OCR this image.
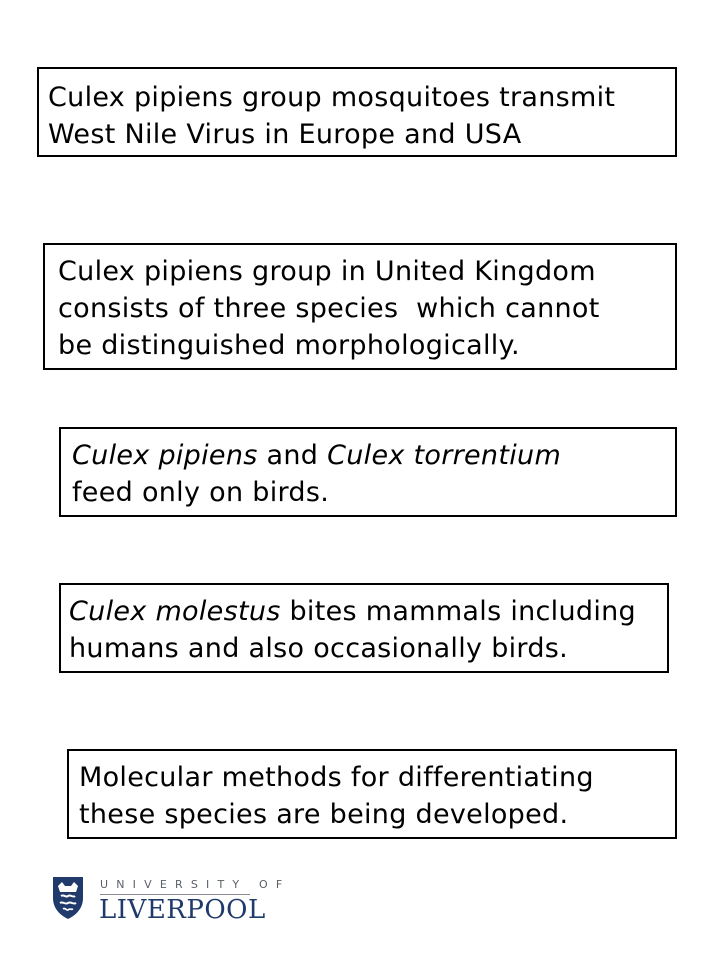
Culex pipiens group mosquitoes transmit
West Nile Virus in Europe and USA
Culex pipiens group in United Kingdom
consists of three species  which cannot
be distinguished morphologically.
Culex pipiens and Culex torrentium
feed only on birds.
Culex molestus bites mammals including
humans and also occasionally birds.
Molecular methods for differentiating
these species are being developed.
UNIVERSITY OF
LIVERPOOL
